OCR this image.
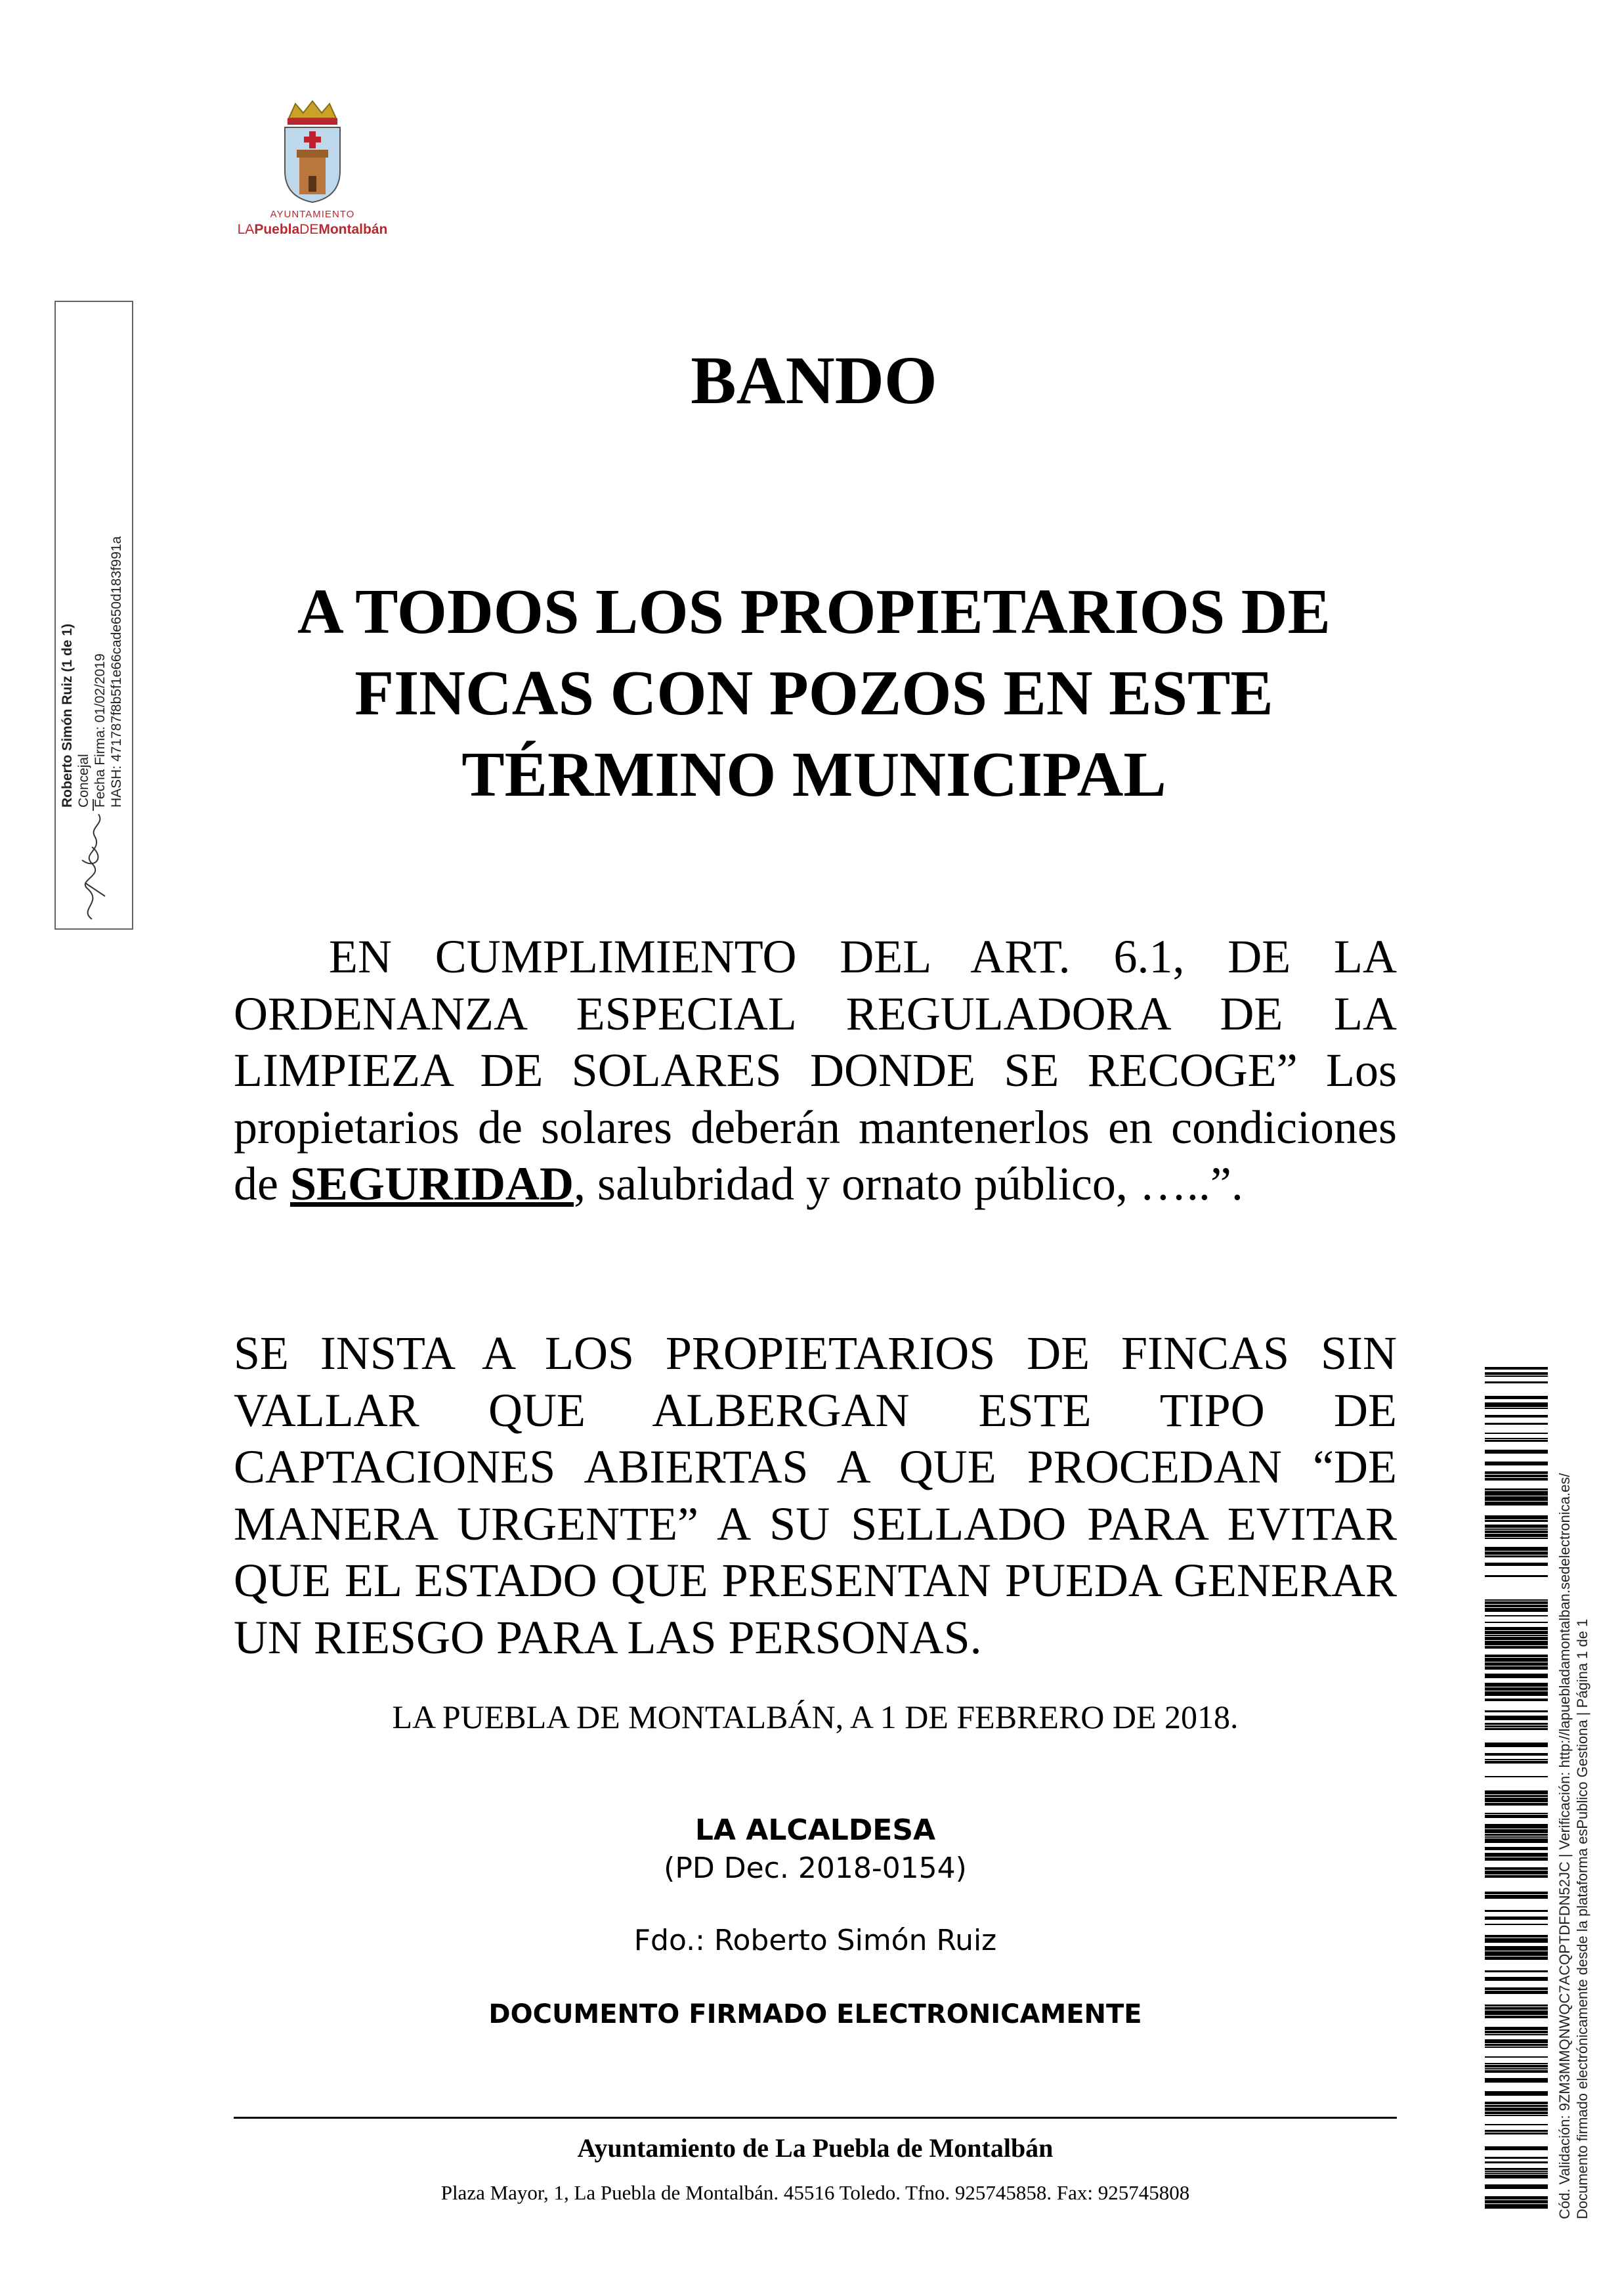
AYUNTAMIENTO
LAPueblaDEMontalbán
Roberto Simón Ruiz (1 de 1) Concejal Fecha Firma: 01/02/2019 HASH: 471787f8b5f1e66cade650d183f991a
BANDO
A TODOS LOS PROPIETARIOS DE
FINCAS CON POZOS EN ESTE
TÉRMINO MUNICIPAL
EN CUMPLIMIENTO DEL ART. 6.1, DE LA ORDENANZA ESPECIAL REGULADORA DE LA LIMPIEZA DE SOLARES DONDE SE RECOGE” Los propietarios de solares deberán mantenerlos en condiciones de SEGURIDAD, salubridad y ornato público, …..”.
SE INSTA A LOS PROPIETARIOS DE FINCAS SIN VALLAR QUE ALBERGAN ESTE TIPO DE CAPTACIONES ABIERTAS A QUE PROCEDAN “DE MANERA URGENTE” A SU SELLADO PARA EVITAR QUE EL ESTADO QUE PRESENTAN PUEDA GENERAR UN RIESGO PARA LAS PERSONAS.
LA PUEBLA DE MONTALBÁN, A 1 DE FEBRERO DE 2018.
LA ALCALDESA
(PD Dec. 2018-0154)
Fdo.: Roberto Simón Ruiz
DOCUMENTO FIRMADO ELECTRONICAMENTE
Ayuntamiento de La Puebla de Montalbán
Plaza Mayor, 1, La Puebla de Montalbán. 45516 Toledo. Tfno. 925745858. Fax: 925745808	Cód. Validación: 9ZM3MMQNWQC7ACQPTDFDN52JC | Verificación: http://lapuebladamontalban.sedelectronica.es/ Documento firmado electrónicamente desde la plataforma esPublico Gestiona | Página 1 de 1
